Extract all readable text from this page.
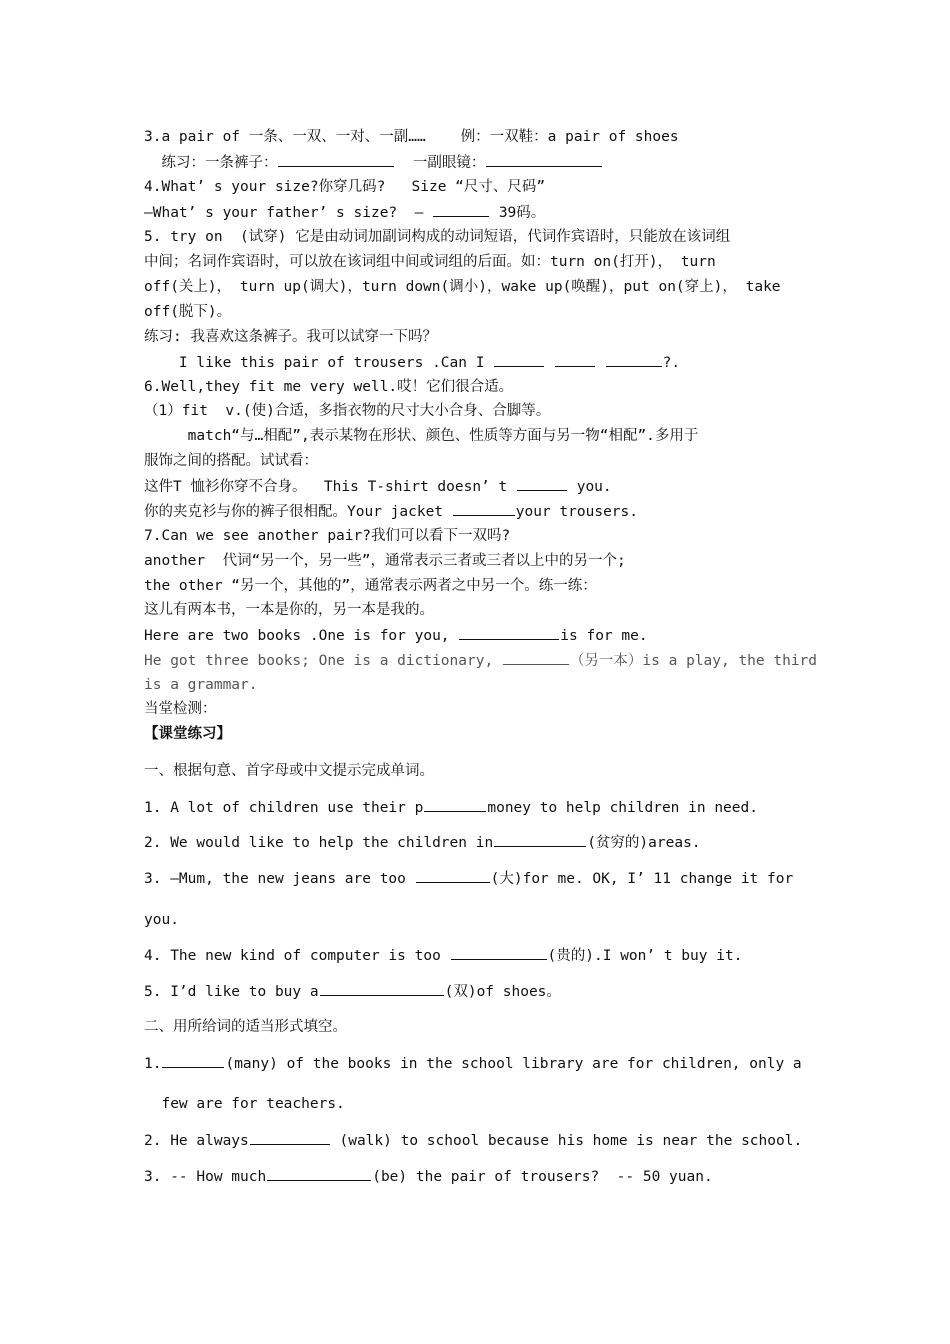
3.a pair of 一条、一双、一对、一副……    例：一双鞋：a pair of shoes
练习：一条裤子：	一副眼镜：
4.What’ s your size?你穿几码?   Size “尺寸、尺码”
—What’ s your father’ s size?  —	39码。
5. try on  (试穿) 它是由动词加副词构成的动词短语，代词作宾语时，只能放在该词组
中间；名词作宾语时，可以放在该词组中间或词组的后面。如：turn on(打开)， turn
off(关上)， turn up(调大)，turn down(调小)，wake up(唤醒)，put on(穿上)， take
off(脱下)。
练习: 我喜欢这条裤子。我可以试穿一下吗？
I like this pair of trousers .Can I	?.
6.Well,they fit me very well.哎！它们很合适。
（1）fit  v.(使)合适，多指衣物的尺寸大小合身、合脚等。
match“与…相配”,表示某物在形状、颜色、性质等方面与另一物“相配”.多用于
服饰之间的搭配。试试看：
这件T 恤衫你穿不合身。  This T-shirt doesn’ t	you.
你的夹克衫与你的裤子很相配。Your jacket	your trousers.
7.Can we see another pair?我们可以看下一双吗?
another  代词“另一个，另一些”，通常表示三者或三者以上中的另一个;
the other “另一个，其他的”，通常表示两者之中另一个。练一练：
这儿有两本书，一本是你的，另一本是我的。
Here are two books .One is for you,	is for me.
He got three books; One is a dictionary,	（另一本）is a play, the third
is a grammar.
当堂检测：
【课堂练习】
一、根据句意、首字母或中文提示完成单词。
1. A lot of children use their p	money to help children in need.
2. We would like to help the children in	(贫穷的)areas.
3. —Mum, the new jeans are too	(大)for me. OK, I’ 11 change it for
you.
4. The new kind of computer is too	(贵的).I won’ t buy it.
5. I’d like to buy a	(双)of shoes。
二、用所给词的适当形式填空。
1.	(many) of the books in the school library are for children, only a
few are for teachers.
2. He always	(walk) to school because his home is near the school.
3. -- How much	(be) the pair of trousers?  -- 50 yuan.
